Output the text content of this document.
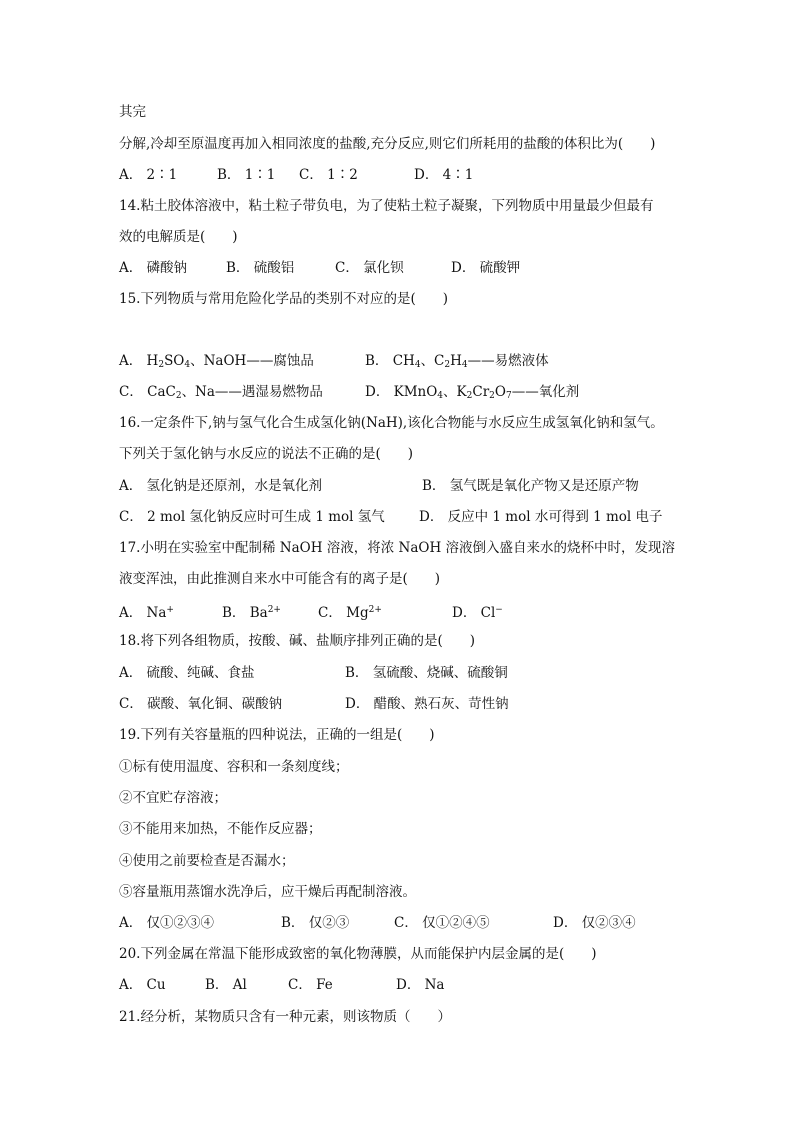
其完
分解,冷却至原温度再加入相同浓度的盐酸,充分反应,则它们所耗用的盐酸的体积比为(　　)
A． 2∶1	B． 1∶1 C． 1∶2	D． 4∶1
14.粘土胶体溶液中，粘土粒子带负电，为了使粘土粒子凝聚，下列物质中用量最少但最有
效的电解质是(　　)
A． 磷酸钠	B． 硫酸铝	C． 氯化钡	D． 硫酸钾
15.下列物质与常用危险化学品的类别不对应的是(　　)
A． $H_2SO_4$、NaOH——腐蚀品	B． $CH_4$、$C_2H_4——$易燃液体
C． CaC$_2$、Na——遇湿易燃物品	D． KMnO$_4$、$K_2Cr_2O_7——$氧化剂
16.一定条件下,钠与氢气化合生成氢化钠(NaH),该化合物能与水反应生成氢氧化钠和氢气。
下列关于氢化钠与水反应的说法不正确的是(　　)
A． 氢化钠是还原剂，水是氧化剂	B． 氢气既是氧化产物又是还原产物
C． 2 mol 氢化钠反应时可生成 1 mol 氢气	D． 反应中 1 mol 水可得到 1 mol 电子
17.小明在实验室中配制稀 NaOH 溶液，将浓 NaOH 溶液倒入盛自来水的烧杯中时，发现溶
液变浑浊，由此推测自来水中可能含有的离子是(　　)
A． Na+	B． $Ba^{2+}$	C． $Mg^{2+}$	D． Cl−
18.将下列各组物质，按酸、碱、盐顺序排列正确的是(　　)
A． 硫酸、纯碱、食盐	B． 氢硫酸、烧碱、硫酸铜
C． 碳酸、氧化铜、碳酸钠	D． 醋酸、熟石灰、苛性钠
19.下列有关容量瓶的四种说法，正确的一组是(　　)
①标有使用温度、容积和一条刻度线；
②不宜贮存溶液；
③不能用来加热，不能作反应器；
④使用之前要检查是否漏水；
⑤容量瓶用蒸馏水洗净后，应干燥后再配制溶液。
A． 仅①②③④	B． 仅②③	C． 仅①②④⑤	D． 仅②③④
20.下列金属在常温下能形成致密的氧化物薄膜，从而能保护内层金属的是(　　)
A． Cu	B． Al	C． Fe	D． Na
21.经分析，某物质只含有一种元素，则该物质（　　）
